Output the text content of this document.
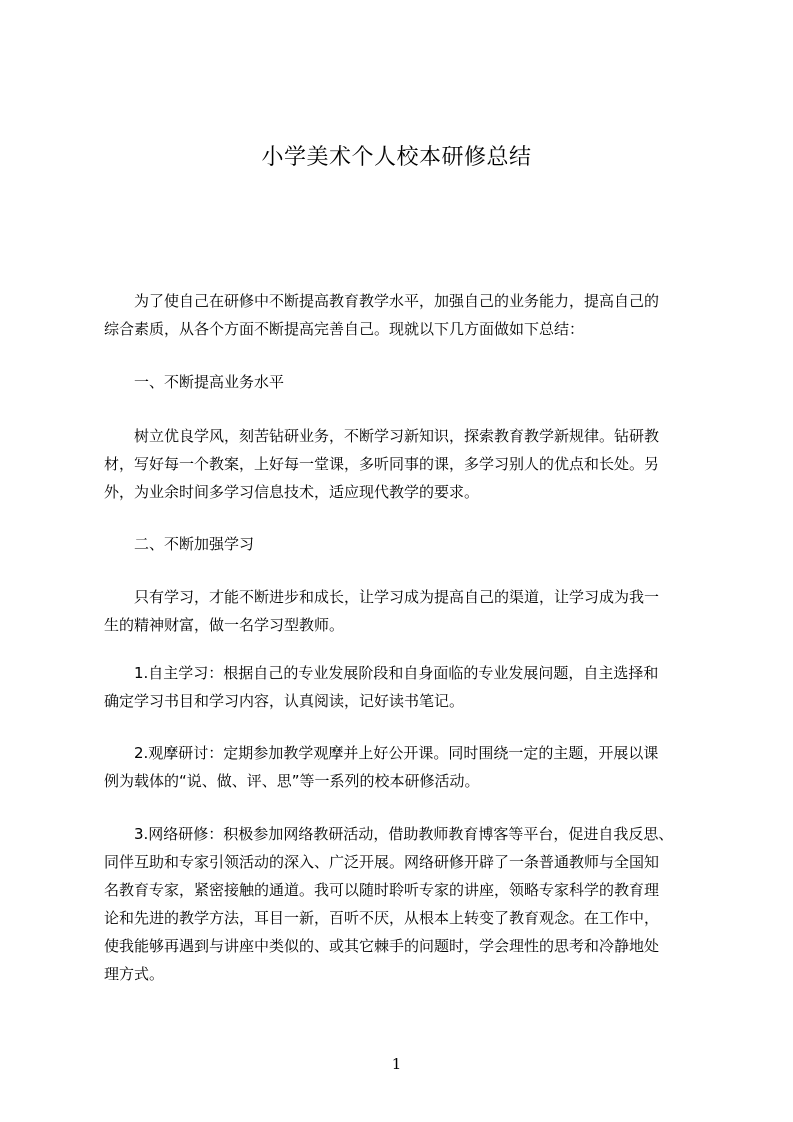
小学美术个人校本研修总结

　　为了使自己在研修中不断提高教育教学水平，加强自己的业务能力，提高自己的
综合素质，从各个方面不断提高完善自己。现就以下几方面做如下总结：

　　一、不断提高业务水平

　　树立优良学风，刻苦钻研业务，不断学习新知识，探索教育教学新规律。钻研教
材，写好每一个教案，上好每一堂课，多听同事的课，多学习别人的优点和长处。另
外，为业余时间多学习信息技术，适应现代教学的要求。

　　二、不断加强学习

　　只有学习，才能不断进步和成长，让学习成为提高自己的渠道，让学习成为我一
生的精神财富，做一名学习型教师。

　　1.自主学习：根据自己的专业发展阶段和自身面临的专业发展问题，自主选择和
确定学习书目和学习内容，认真阅读，记好读书笔记。

　　2.观摩研讨：定期参加教学观摩并上好公开课。同时围绕一定的主题，开展以课
例为载体的“说、做、评、思”等一系列的校本研修活动。

　　3.网络研修：积极参加网络教研活动，借助教师教育博客等平台，促进自我反思、
同伴互助和专家引领活动的深入、广泛开展。网络研修开辟了一条普通教师与全国知
名教育专家，紧密接触的通道。我可以随时聆听专家的讲座，领略专家科学的教育理
论和先进的教学方法，耳目一新，百听不厌，从根本上转变了教育观念。在工作中，
使我能够再遇到与讲座中类似的、或其它棘手的问题时，学会理性的思考和冷静地处
理方式。

1
